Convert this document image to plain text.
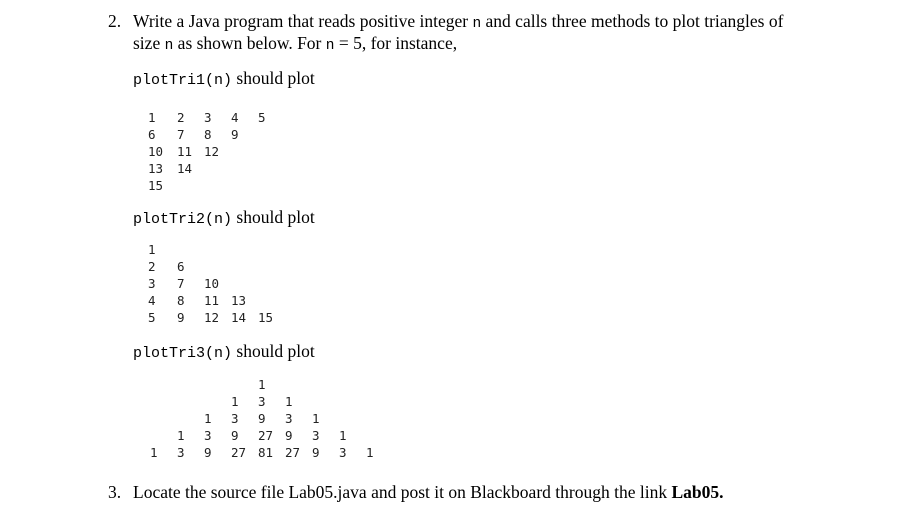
2. Write a Java program that reads positive integer n and calls three methods to plot triangles of
size n as shown below. For n = 5, for instance,
plotTri1(n) should plot
1 2 3 4 5
6 7 8 9
10 11 12
13 14
15
plotTri2(n) should plot
1
2 6
3 7 10
4 8 11 13
5 9 12 14 15
plotTri3(n) should plot
1
1 3 1
1 3 9 3 1
1 3 9 27 9 3 1
1 3 9 27 81 27 9 3 1
3. Locate the source file Lab05.java and post it on Blackboard through the link Lab05.
